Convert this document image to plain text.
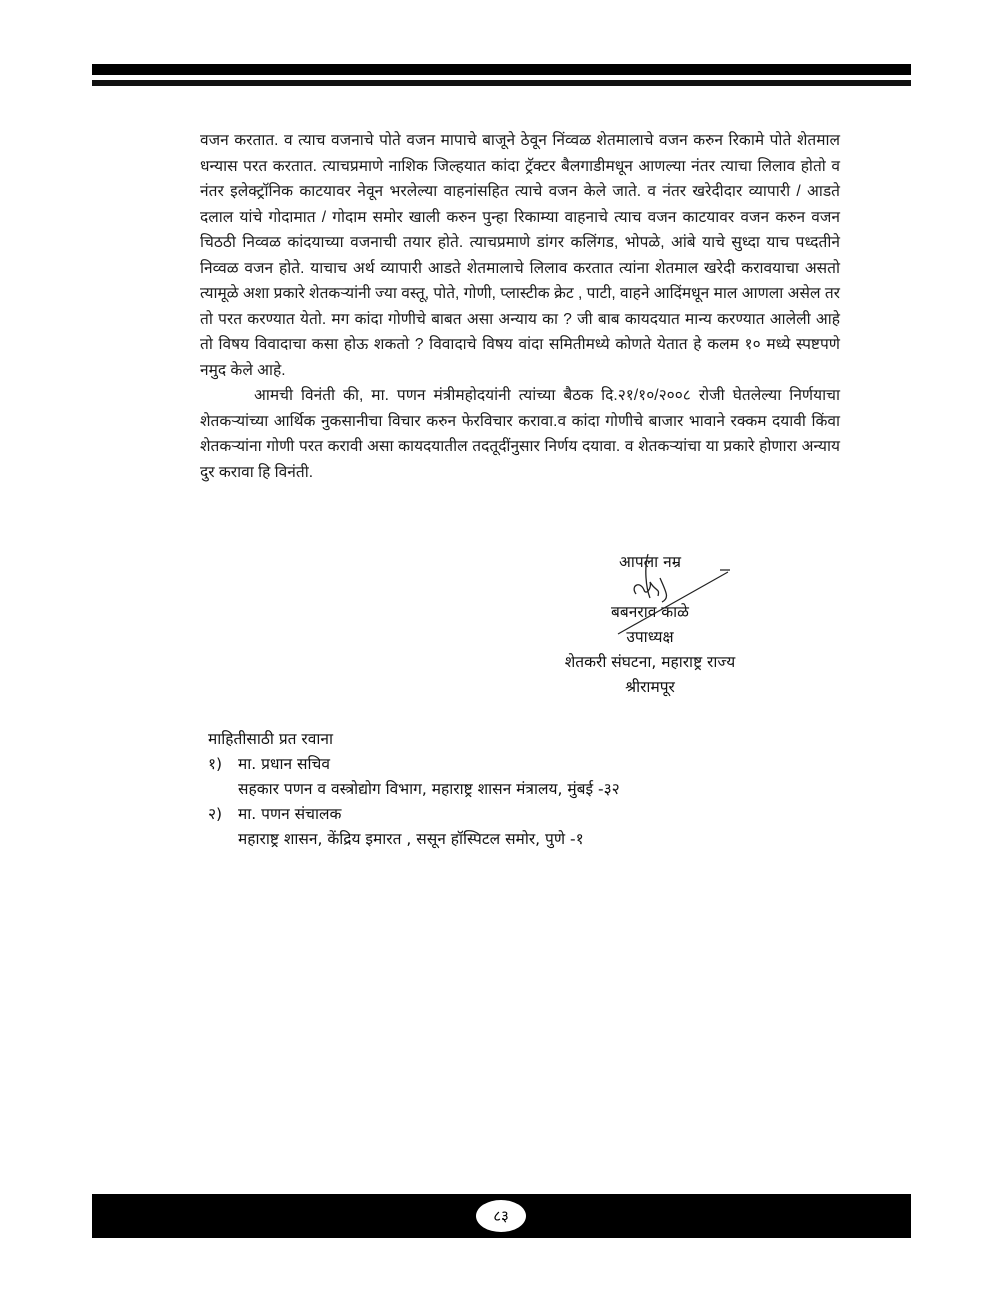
वजन करतात. व त्याच वजनाचे पोते वजन मापाचे बाजूने ठेवून निंव्वळ शेतमालाचे वजन करुन रिकामे पोते शेतमाल धन्यास परत करतात. त्याचप्रमाणे नाशिक जिल्हयात कांदा ट्रॅक्टर बैलगाडीमधून आणल्या नंतर त्याचा लिलाव होतो व नंतर इलेक्ट्रॉनिक काटयावर नेवून भरलेल्या वाहनांसहित त्याचे वजन केले जाते. व नंतर खरेदीदार व्यापारी / आडते दलाल यांचे गोदामात / गोदाम समोर खाली करुन पुन्हा रिकाम्या वाहनाचे त्याच वजन काटयावर वजन करुन वजन चिठठी निव्वळ कांदयाच्या वजनाची तयार होते. त्याचप्रमाणे डांगर कलिंगड, भोपळे, आंबे याचे सुध्दा याच पध्दतीने निव्वळ वजन होते. याचाच अर्थ व्यापारी आडते शेतमालाचे लिलाव करतात त्यांना शेतमाल खरेदी करावयाचा असतो त्यामूळे अशा प्रकारे शेतकऱ्यांनी ज्या वस्तू, पोते, गोणी, प्लास्टीक क्रेट , पाटी, वाहने आदिंमधून माल आणला असेल तर तो परत करण्यात येतो. मग कांदा गोणीचे बाबत असा अन्याय का ? जी बाब कायदयात मान्य करण्यात आलेली आहे तो विषय विवादाचा कसा होऊ शकतो ? विवादाचे विषय वांदा समितीमध्ये कोणते येतात हे कलम १० मध्ये स्पष्टपणे नमुद केले आहे.

आमची विनंती की, मा. पणन मंत्रीमहोदयांनी त्यांच्या बैठक दि.२१/१०/२००८ रोजी घेतलेल्या निर्णयाचा शेतकऱ्यांच्या आर्थिक नुकसानीचा विचार करुन फेरविचार करावा.व कांदा गोणीचे बाजार भावाने रक्कम दयावी किंवा शेतकऱ्यांना गोणी परत करावी असा कायदयातील तदतूदींनुसार निर्णय दयावा. व शेतकऱ्यांचा या प्रकारे होणारा अन्याय दुर करावा हि विनंती.

आपला नम्र
बबनराव काळे
उपाध्यक्ष
शेतकरी संघटना, महाराष्ट्र राज्य
श्रीरामपूर
माहितीसाठी प्रत रवाना
१)	मा. प्रधान सचिव
सहकार पणन व वस्त्रोद्योग विभाग, महाराष्ट्र शासन मंत्रालय, मुंबई -३२
२)	मा. पणन संचालक
महाराष्ट्र शासन, केंद्रिय इमारत , ससून हॉस्पिटल समोर, पुणे -१
८३
